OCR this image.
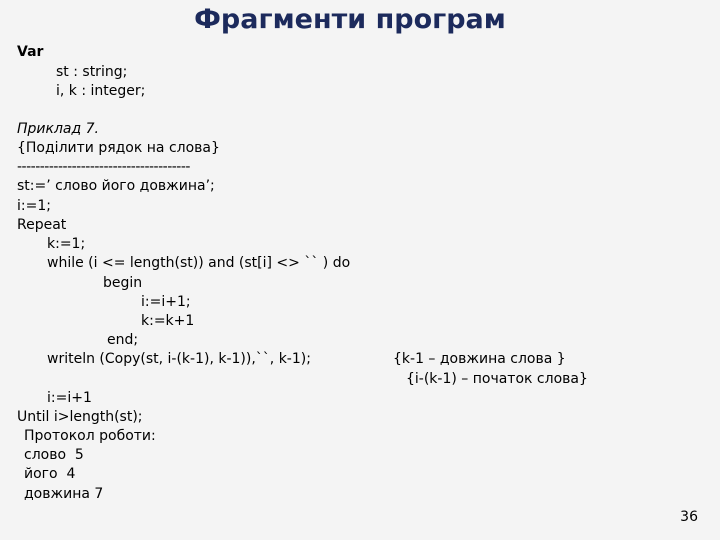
Фрагменти програм
Var
st : string;
i, k : integer;
Приклад 7.
{Поділити рядок на слова}
--------------------------------------
st:=’ слово його довжина’;
i:=1;
Repeat
k:=1;
while (i <= length(st)) and (st[i] <> `` ) do
begin
i:=i+1;
k:=k+1
end;
writeln (Copy(st, i-(k-1), k-1)),``, k-1);	{k-1 – довжина слова }
{i-(k-1) – початок слова}
i:=i+1
Until i>length(st);
Протокол роботи:
слово  5
його  4
довжина 7
36
